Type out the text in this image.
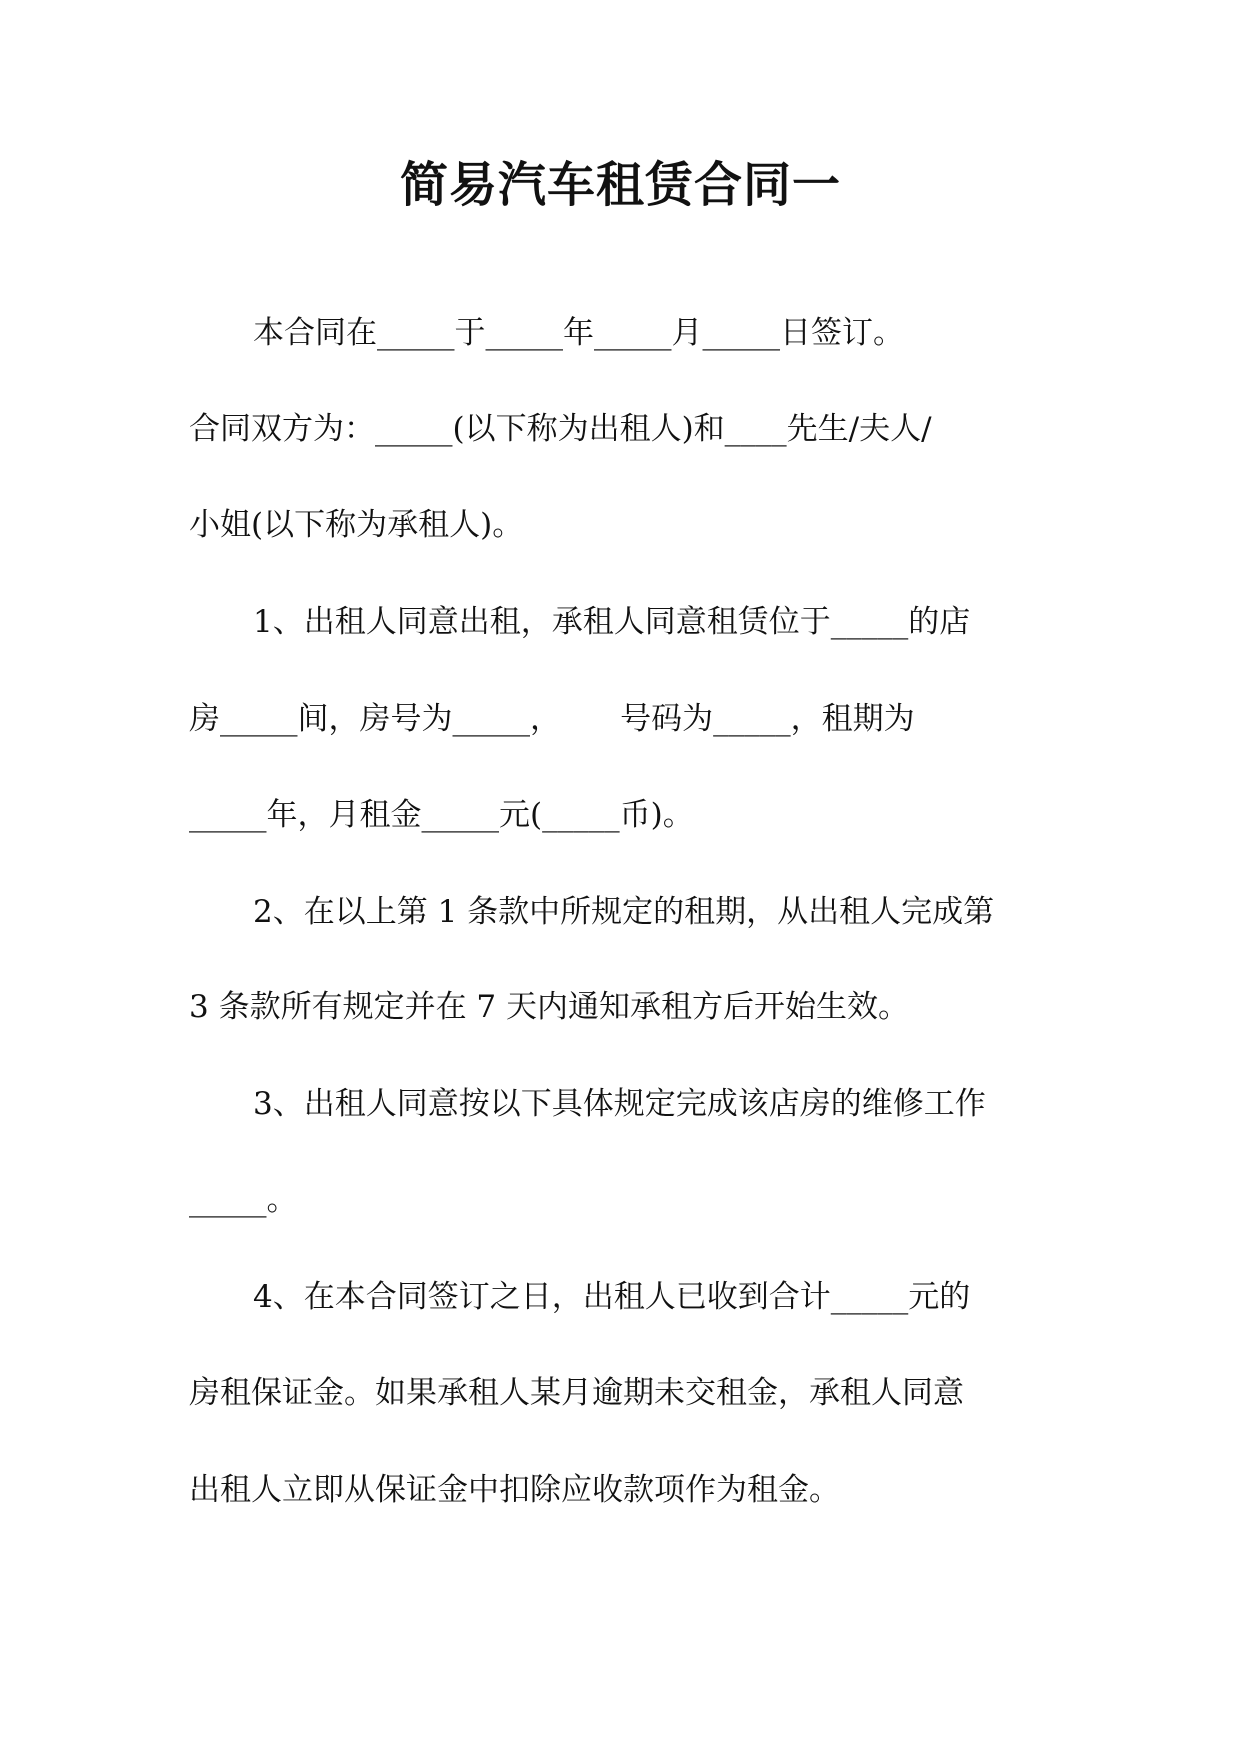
简易汽车租赁合同一

本合同在_____于_____年_____月_____日签订。

合同双方为：_____(以下称为出租人)和____先生/夫人/

小姐(以下称为承租人)。

1、出租人同意出租，承租人同意租赁位于_____的店

房_____间，房号为_____，      号码为_____，租期为

_____年，月租金_____元(_____币)。

2、在以上第 1 条款中所规定的租期，从出租人完成第

3 条款所有规定并在 7 天内通知承租方后开始生效。

3、出租人同意按以下具体规定完成该店房的维修工作

_____。

4、在本合同签订之日，出租人已收到合计_____元的

房租保证金。如果承租人某月逾期未交租金，承租人同意

出租人立即从保证金中扣除应收款项作为租金。
